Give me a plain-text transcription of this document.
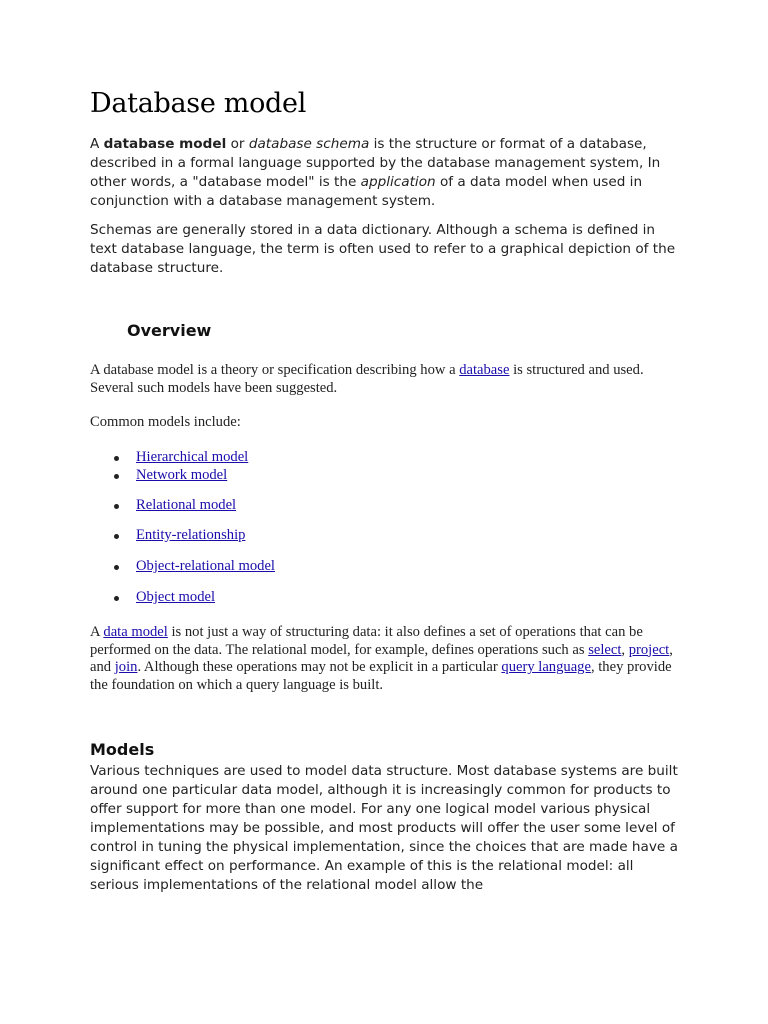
Database model

A database model or database schema is the structure or format of a database, described in a formal language supported by the database management system, In other words, a "database model" is the application of a data model when used in conjunction with a database management system.

Schemas are generally stored in a data dictionary. Although a schema is defined in text database language, the term is often used to refer to a graphical depiction of the database structure.

Overview

A database model is a theory or specification describing how a database is structured and used. Several such models have been suggested.

Common models include:

Hierarchical model
Network model
Relational model
Entity-relationship
Object-relational model
Object model

A data model is not just a way of structuring data: it also defines a set of operations that can be performed on the data. The relational model, for example, defines operations such as select, project, and join. Although these operations may not be explicit in a particular query language, they provide the foundation on which a query language is built.

Models

Various techniques are used to model data structure. Most database systems are built around one particular data model, although it is increasingly common for products to offer support for more than one model. For any one logical model various physical implementations may be possible, and most products will offer the user some level of control in tuning the physical implementation, since the choices that are made have a significant effect on performance. An example of this is the relational model: all serious implementations of the relational model allow the
